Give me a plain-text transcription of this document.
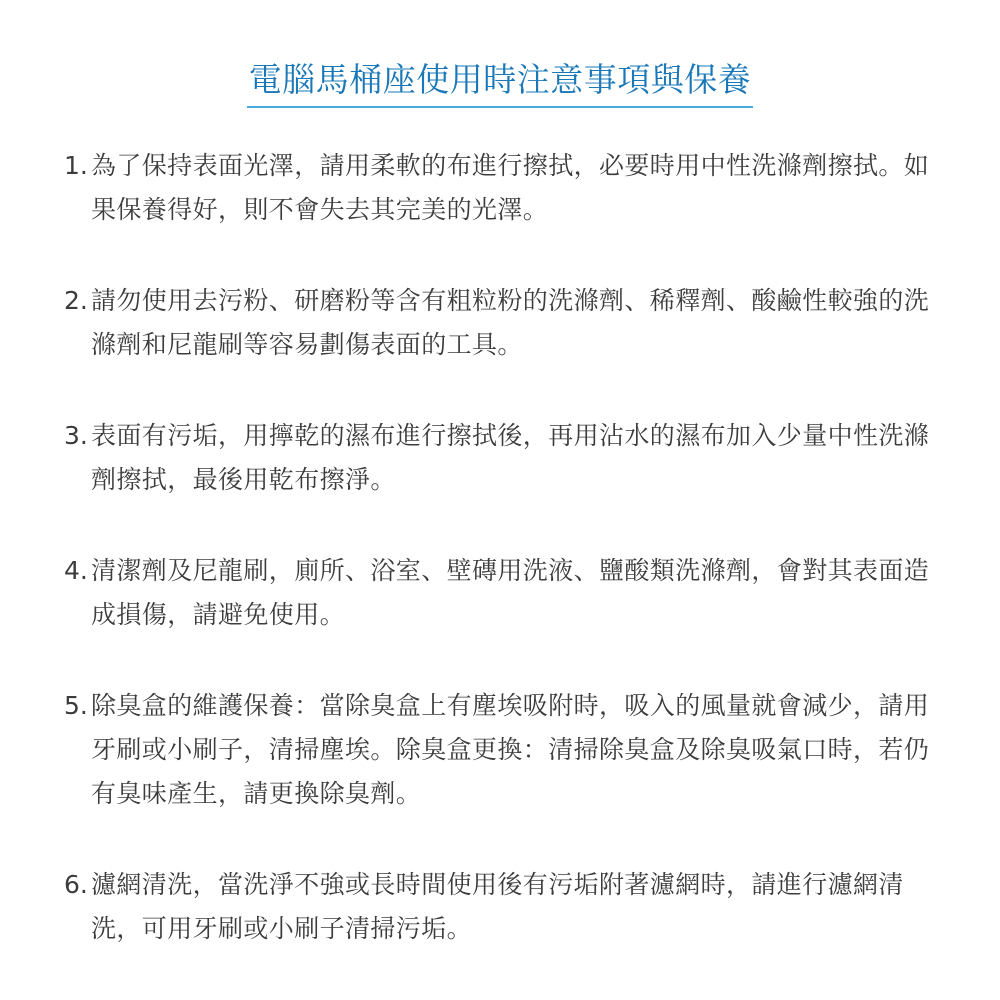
電腦馬桶座使用時注意事項與保養
1. 為了保持表面光澤，請用柔軟的布進行擦拭，必要時用中性洗滌劑擦拭。如果保養得好，則不會失去其完美的光澤。
2. 請勿使用去污粉、研磨粉等含有粗粒粉的洗滌劑、稀釋劑、酸鹼性較強的洗滌劑和尼龍刷等容易劃傷表面的工具。
3. 表面有污垢，用擰乾的濕布進行擦拭後，再用沾水的濕布加入少量中性洗滌劑擦拭，最後用乾布擦淨。
4. 清潔劑及尼龍刷，廁所、浴室、壁磚用洗液、鹽酸類洗滌劑，會對其表面造成損傷，請避免使用。
5. 除臭盒的維護保養：當除臭盒上有塵埃吸附時，吸入的風量就會減少，請用牙刷或小刷子，清掃塵埃。除臭盒更換：清掃除臭盒及除臭吸氣口時，若仍有臭味產生，請更換除臭劑。
6. 濾網清洗，當洗淨不強或長時間使用後有污垢附著濾網時，請進行濾網清洗，可用牙刷或小刷子清掃污垢。
